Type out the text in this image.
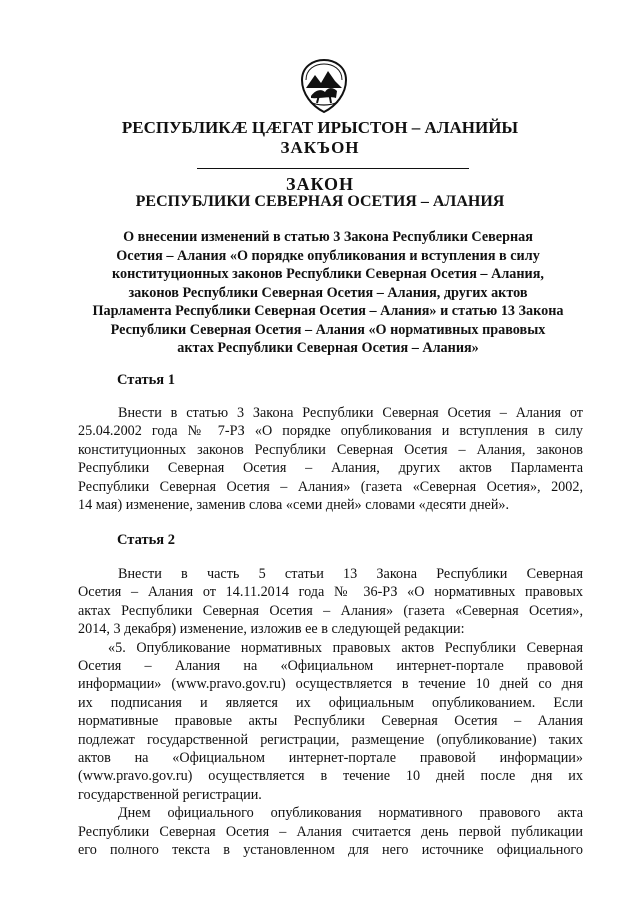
РЕСПУБЛИКÆ ЦÆГАТ ИРЫСТОН – АЛАНИЙЫ
ЗАКЪОН
ЗАКОН
РЕСПУБЛИКИ СЕВЕРНАЯ ОСЕТИЯ – АЛАНИЯ
О внесении изменений в статью 3 Закона Республики Северная
Осетия – Алания «О порядке опубликования и вступления в силу
конституционных законов Республики Северная Осетия – Алания,
законов Республики Северная Осетия – Алания, других актов
Парламента Республики Северная Осетия – Алания» и статью 13 Закона
Республики Северная Осетия – Алания «О нормативных правовых
актах Республики Северная Осетия – Алания»
Статья 1
Внести в статью 3 Закона Республики Северная Осетия – Алания от
25.04.2002 года № 7-РЗ «О порядке опубликования и вступления в силу
конституционных законов Республики Северная Осетия – Алания, законов
Республики Северная Осетия – Алания, других актов Парламента
Республики Северная Осетия – Алания» (газета «Северная Осетия», 2002,
14 мая) изменение, заменив слова «семи дней» словами «десяти дней».
Статья 2
Внести в часть 5 статьи 13 Закона Республики Северная
Осетия – Алания от 14.11.2014 года № 36-РЗ «О нормативных правовых
актах Республики Северная Осетия – Алания» (газета «Северная Осетия»,
2014, 3 декабря) изменение, изложив ее в следующей редакции:
«5. Опубликование нормативных правовых актов Республики Северная
Осетия – Алания на «Официальном интернет-портале правовой
информации» (www.pravo.gov.ru) осуществляется в течение 10 дней со дня
их подписания и является их официальным опубликованием. Если
нормативные правовые акты Республики Северная Осетия – Алания
подлежат государственной регистрации, размещение (опубликование) таких
актов на «Официальном интернет-портале правовой информации»
(www.pravo.gov.ru) осуществляется в течение 10 дней после дня их
государственной регистрации.
Днем официального опубликования нормативного правового акта
Республики Северная Осетия – Алания считается день первой публикации
его полного текста в установленном для него источнике официального
